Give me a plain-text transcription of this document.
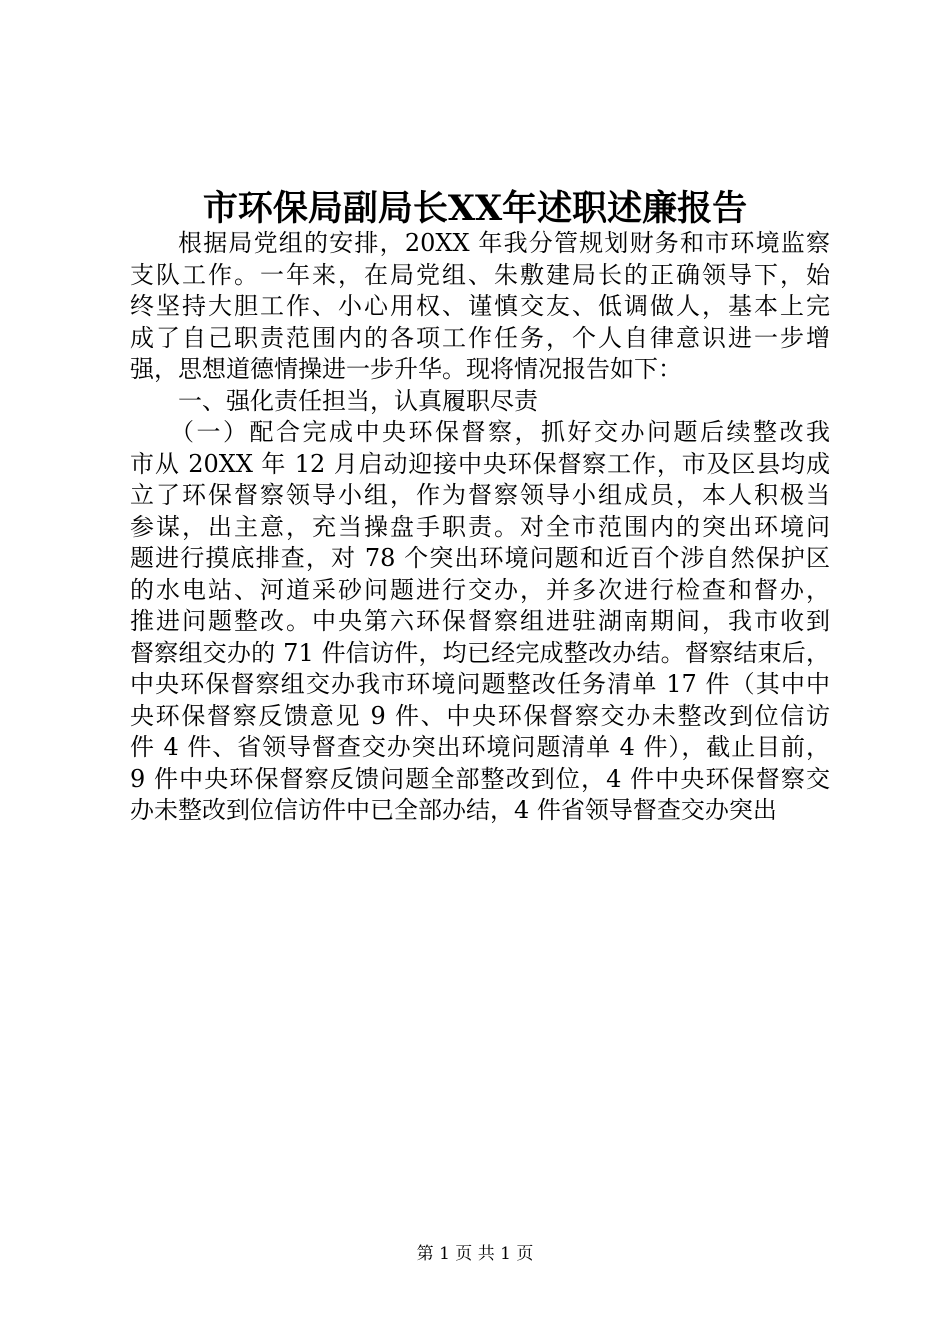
市环保局副局长XX年述职述廉报告
根据局党组的安排，20XX 年我分管规划财务和市环境监察
支队工作。一年来，在局党组、朱敷建局长的正确领导下，始
终坚持大胆工作、小心用权、谨慎交友、低调做人，基本上完
成了自己职责范围内的各项工作任务，个人自律意识进一步增
强，思想道德情操进一步升华。现将情况报告如下：
一、强化责任担当，认真履职尽责
（一）配合完成中央环保督察，抓好交办问题后续整改我
市从 20XX 年 12 月启动迎接中央环保督察工作，市及区县均成
立了环保督察领导小组，作为督察领导小组成员，本人积极当
参谋，出主意，充当操盘手职责。对全市范围内的突出环境问
题进行摸底排查，对 78 个突出环境问题和近百个涉自然保护区
的水电站、河道采砂问题进行交办，并多次进行检查和督办，
推进问题整改。中央第六环保督察组进驻湖南期间，我市收到
督察组交办的 71 件信访件，均已经完成整改办结。督察结束后，
中央环保督察组交办我市环境问题整改任务清单 17 件（其中中
央环保督察反馈意见 9 件、中央环保督察交办未整改到位信访
件 4 件、省领导督查交办突出环境问题清单 4 件），截止目前，
9 件中央环保督察反馈问题全部整改到位，4 件中央环保督察交
办未整改到位信访件中已全部办结，4 件省领导督查交办突出
第 1 页 共 1 页
